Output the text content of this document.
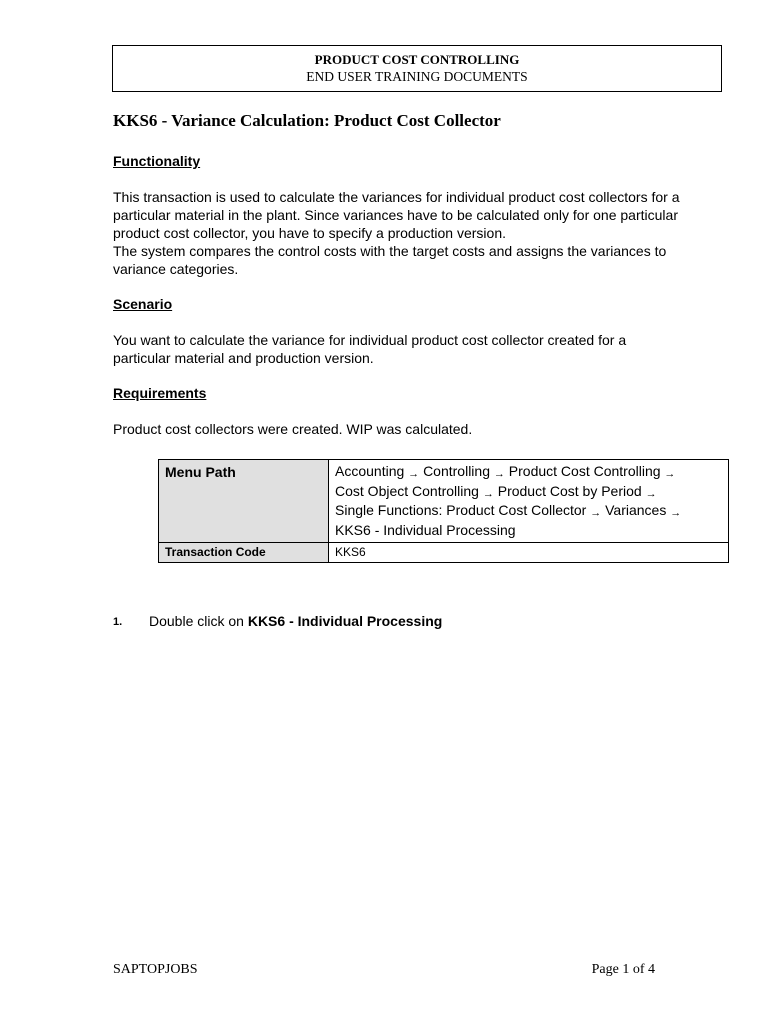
PRODUCT COST CONTROLLING
END USER TRAINING DOCUMENTS
KKS6 - Variance Calculation: Product Cost Collector
Functionality
This transaction is used to calculate the variances for individual product cost collectors for a
particular material in the plant. Since variances have to be calculated only for one particular
product cost collector, you have to specify a production version.
The system compares the control costs with the target costs and assigns the variances to
variance categories.
Scenario
You want to calculate the variance for individual product cost collector created for a
particular material and production version.
Requirements
Product cost collectors were created. WIP was calculated.
Menu Path	Accounting → Controlling → Product Cost Controlling →
Cost Object Controlling → Product Cost by Period →
Single Functions: Product Cost Collector → Variances →
KKS6 - Individual Processing
Transaction Code	KKS6
1. Double click on KKS6 - Individual Processing
SAPTOPJOBS	Page 1 of 4
